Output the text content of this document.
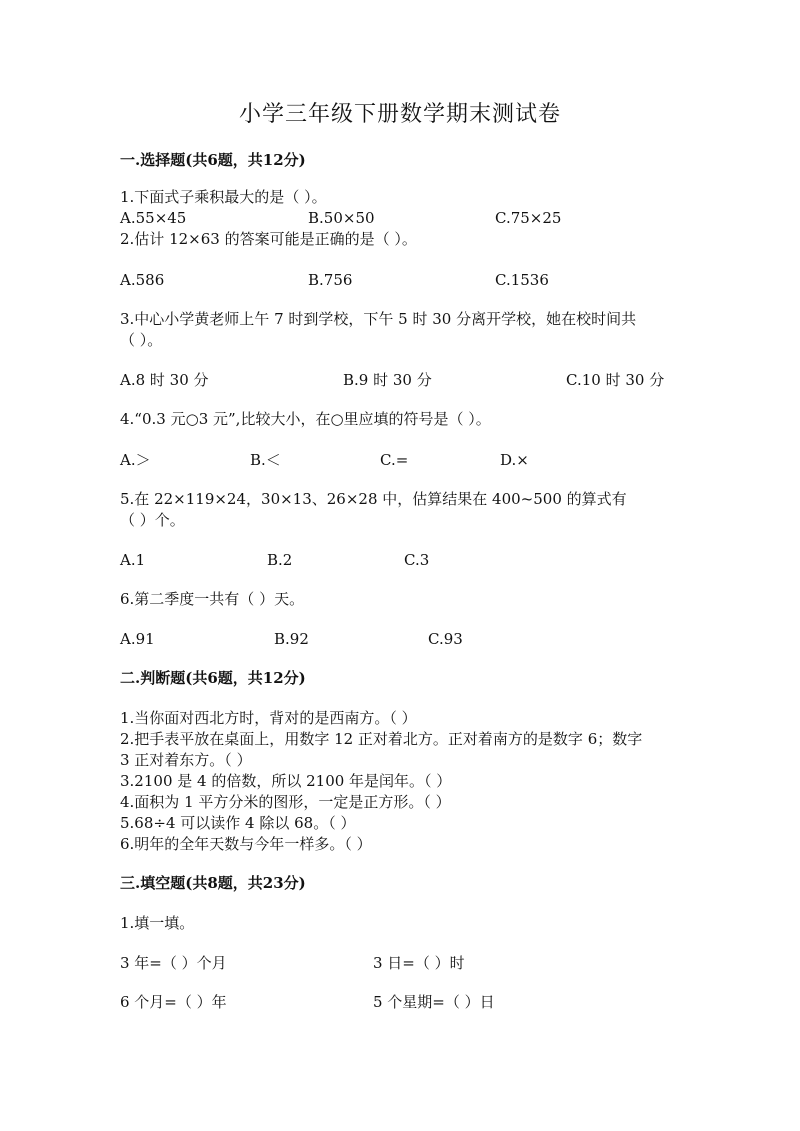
小学三年级下册数学期末测试卷
一.选择题(共6题，共12分)
1.下面式子乘积最大的是（ ）。
A.55×45	B.50×50	C.75×25
2.估计 12×63 的答案可能是正确的是（ ）。
A.586	B.756	C.1536
3.中心小学黄老师上午 7 时到学校，下午 5 时 30 分离开学校，她在校时间共
（ ）。
A.8 时 30 分	B.9 时 30 分	C.10 时 30 分
4.“0.3 元○3 元”,比较大小，在○里应填的符号是（ ）。
A.＞	B.＜	C.=	D.×
5.在 22×119×24，30×13、26×28 中，估算结果在 400~500 的算式有
（ ）个。
A.1	B.2	C.3
6.第二季度一共有（ ）天。
A.91	B.92	C.93
二.判断题(共6题，共12分)
1.当你面对西北方时，背对的是西南方。（ ）
2.把手表平放在桌面上，用数字 12 正对着北方。正对着南方的是数字 6；数字
3 正对着东方。（ ）
3.2100 是 4 的倍数，所以 2100 年是闰年。（ ）
4.面积为 1 平方分米的图形，一定是正方形。（ ）
5.68÷4 可以读作 4 除以 68。（ ）
6.明年的全年天数与今年一样多。（ ）
三.填空题(共8题，共23分)
1.填一填。
3 年=（ ）个月	3 日=（ ）时
6 个月=（ ）年	5 个星期=（ ）日
